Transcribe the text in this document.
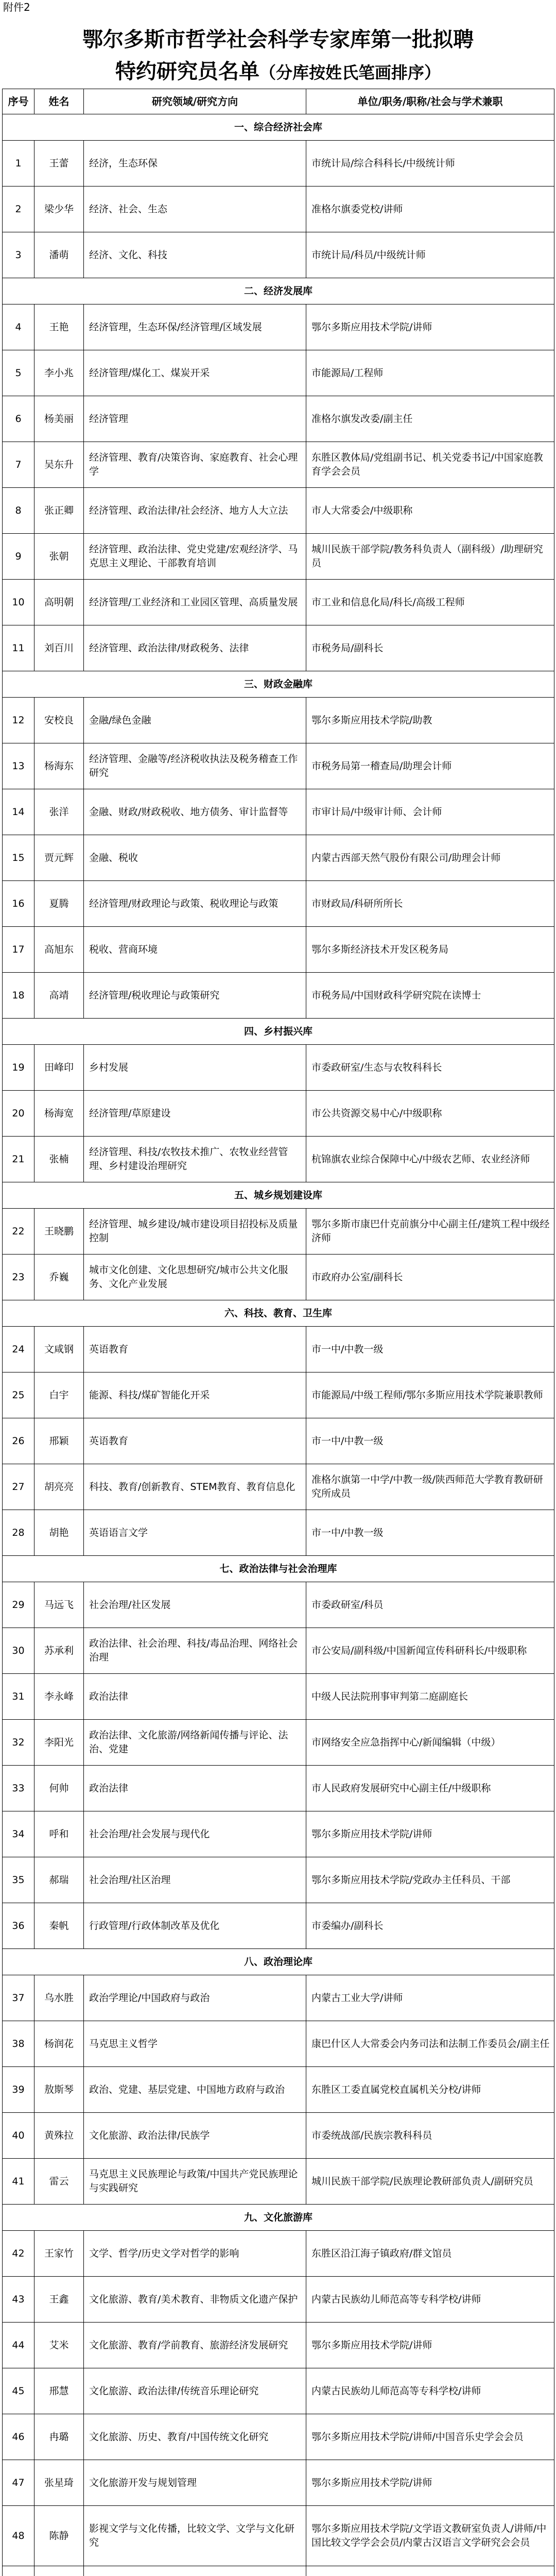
附件2
鄂尔多斯市哲学社会科学专家库第一批拟聘
特约研究员名单（分库按姓氏笔画排序）
序号	姓名	研究领域/研究方向	单位/职务/职称/社会与学术兼职
一、综合经济社会库			
1	王蕾	经济，生态环保	市统计局/综合科科长/中级统计师
2	梁少华	经济、社会、生态	准格尔旗委党校/讲师
3	潘萌	经济、文化、科技	市统计局/科员/中级统计师
二、经济发展库			
4	王艳	经济管理，生态环保/经济管理/区域发展	鄂尔多斯应用技术学院/讲师
5	李小兆	经济管理/煤化工、煤炭开采	市能源局/工程师
6	杨美丽	经济管理	准格尔旗发改委/副主任
7	吴东升	经济管理、教育/决策咨询、家庭教育、社会心理学	东胜区教体局/党组副书记、机关党委书记/中国家庭教育学会会员
8	张正卿	经济管理、政治法律/社会经济、地方人大立法	市人大常委会/中级职称
9	张朝	经济管理、政治法律、党史党建/宏观经济学、马克思主义理论、干部教育培训	城川民族干部学院/教务科负责人（副科级）/助理研究员
10	高明朝	经济管理/工业经济和工业园区管理、高质量发展	市工业和信息化局/科长/高级工程师
11	刘百川	经济管理、政治法律/财政税务、法律	市税务局/副科长
三、财政金融库			
12	安校良	金融/绿色金融	鄂尔多斯应用技术学院/助教
13	杨海东	经济管理、金融等/经济税收执法及税务稽查工作研究	市税务局第一稽查局/助理会计师
14	张洋	金融、财政/财政税收、地方债务、审计监督等	市审计局/中级审计师、会计师
15	贾元辉	金融、税收	内蒙古西部天然气股份有限公司/助理会计师
16	夏腾	经济管理/财政理论与政策、税收理论与政策	市财政局/科研所所长
17	高旭东	税收、营商环境	鄂尔多斯经济技术开发区税务局
18	高靖	经济管理/税收理论与政策研究	市税务局/中国财政科学研究院在读博士
四、乡村振兴库			
19	田峰印	乡村发展	市委政研室/生态与农牧科科长
20	杨海宽	经济管理/草原建设	市公共资源交易中心/中级职称
21	张楠	经济管理、科技/农牧技术推广、农牧业经营管理、乡村建设治理研究	杭锦旗农业综合保障中心/中级农艺师、农业经济师
五、城乡规划建设库			
22	王晓鹏	经济管理、城乡建设/城市建设项目招投标及质量控制	鄂尔多斯市康巴什克前旗分中心副主任/建筑工程中级经济师
23	乔巍	城市文化创建、文化思想研究/城市公共文化服务、文化产业发展	市政府办公室/副科长
六、科技、教育、卫生库			
24	文咸钢	英语教育	市一中/中教一级
25	白宇	能源、科技/煤矿智能化开采	市能源局/中级工程师/鄂尔多斯应用技术学院兼职教师
26	邢颖	英语教育	市一中/中教一级
27	胡亮亮	科技、教育/创新教育、STEM教育、教育信息化	准格尔旗第一中学/中教一级/陕西师范大学教育教研研究所成员
28	胡艳	英语语言文学	市一中/中教一级
七、政治法律与社会治理库			
29	马远飞	社会治理/社区发展	市委政研室/科员
30	苏承利	政治法律、社会治理、科技/毒品治理、网络社会治理	市公安局/副科级/中国新闻宣传科研科长/中级职称
31	李永峰	政治法律	中级人民法院刑事审判第二庭副庭长
32	李阳光	政治法律、文化旅游/网络新闻传播与评论、法治、党建	市网络安全应急指挥中心/新闻编辑（中级）
33	何帅	政治法律	市人民政府发展研究中心副主任/中级职称
34	呼和	社会治理/社会发展与现代化	鄂尔多斯应用技术学院/讲师
35	郝瑞	社会治理/社区治理	鄂尔多斯应用技术学院/党政办主任科员、干部
36	秦帆	行政管理/行政体制改革及优化	市委编办/副科长
八、政治理论库			
37	乌水胜	政治学理论/中国政府与政治	内蒙古工业大学/讲师
38	杨润花	马克思主义哲学	康巴什区人大常委会内务司法和法制工作委员会/副主任
39	敖斯琴	政治、党建、基层党建、中国地方政府与政治	东胜区工委直属党校直属机关分校/讲师
40	黄殊拉	文化旅游、政治法律/民族学	市委统战部/民族宗教科科员
41	雷云	马克思主义民族理论与政策/中国共产党民族理论与实践研究	城川民族干部学院/民族理论教研部负责人/副研究员
九、文化旅游库			
42	王家竹	文学、哲学/历史文学对哲学的影响	东胜区沿江海子镇政府/群文馆员
43	王鑫	文化旅游、教育/美术教育、非物质文化遗产保护	内蒙古民族幼儿师范高等专科学校/讲师
44	艾米	文化旅游、教育/学前教育、旅游经济发展研究	鄂尔多斯应用技术学院/讲师
45	邢慧	文化旅游、政治法律/传统音乐理论研究	内蒙古民族幼儿师范高等专科学校/讲师
46	冉璐	文化旅游、历史、教育/中国传统文化研究	鄂尔多斯应用技术学院/讲师/中国音乐史学会会员
47	张星琦	文化旅游开发与规划管理	鄂尔多斯应用技术学院/讲师
48	陈静	影视文学与文化传播，比较文学、文学与文化研究	鄂尔多斯应用技术学院/文学语文教研室负责人/讲师/中国比较文学学会会员/内蒙古汉语言文学研究会会员
